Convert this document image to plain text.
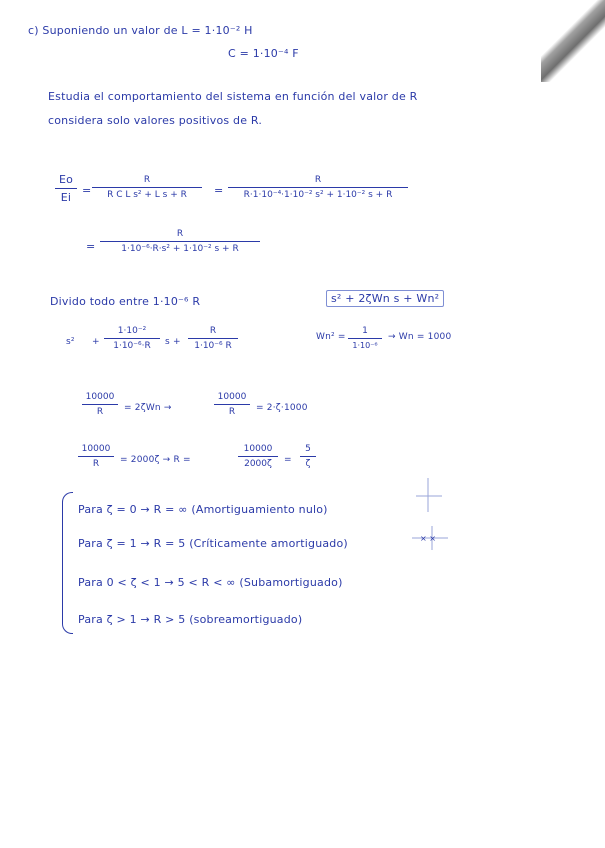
c) Suponiendo un valor de L = 1·10⁻² H
C = 1·10⁻⁴ F
Estudia el comportamiento del sistema en función del valor de R
considera solo valores positivos de R.
Eo
Ei
=
R
R C L s² + L s + R	=
R
R·1·10⁻⁴·1·10⁻² s² + 1·10⁻² s + R
=
R
1·10⁻⁶·R·s² + 1·10⁻² s + R
Divido todo entre 1·10⁻⁶ R	s² + 2ζWn s + Wn²
s² +
1·10⁻²
1·10⁻⁶·R	s +
R
1·10⁻⁶ R
Wn² =
1
1·10⁻⁶
→ Wn = 1000
10000
R	= 2ζWn →
10000
R	= 2·ζ·1000
10000
R	= 2000ζ → R =
10000
2000ζ	=
5
ζ
Para ζ = 0 → R = ∞ (Amortiguamiento nulo)
Para ζ = 1 → R = 5 (Críticamente amortiguado)
Para 0 < ζ < 1 → 5 < R < ∞ (Subamortiguado)
Para ζ > 1 → R > 5 (sobreamortiguado)
× ×
